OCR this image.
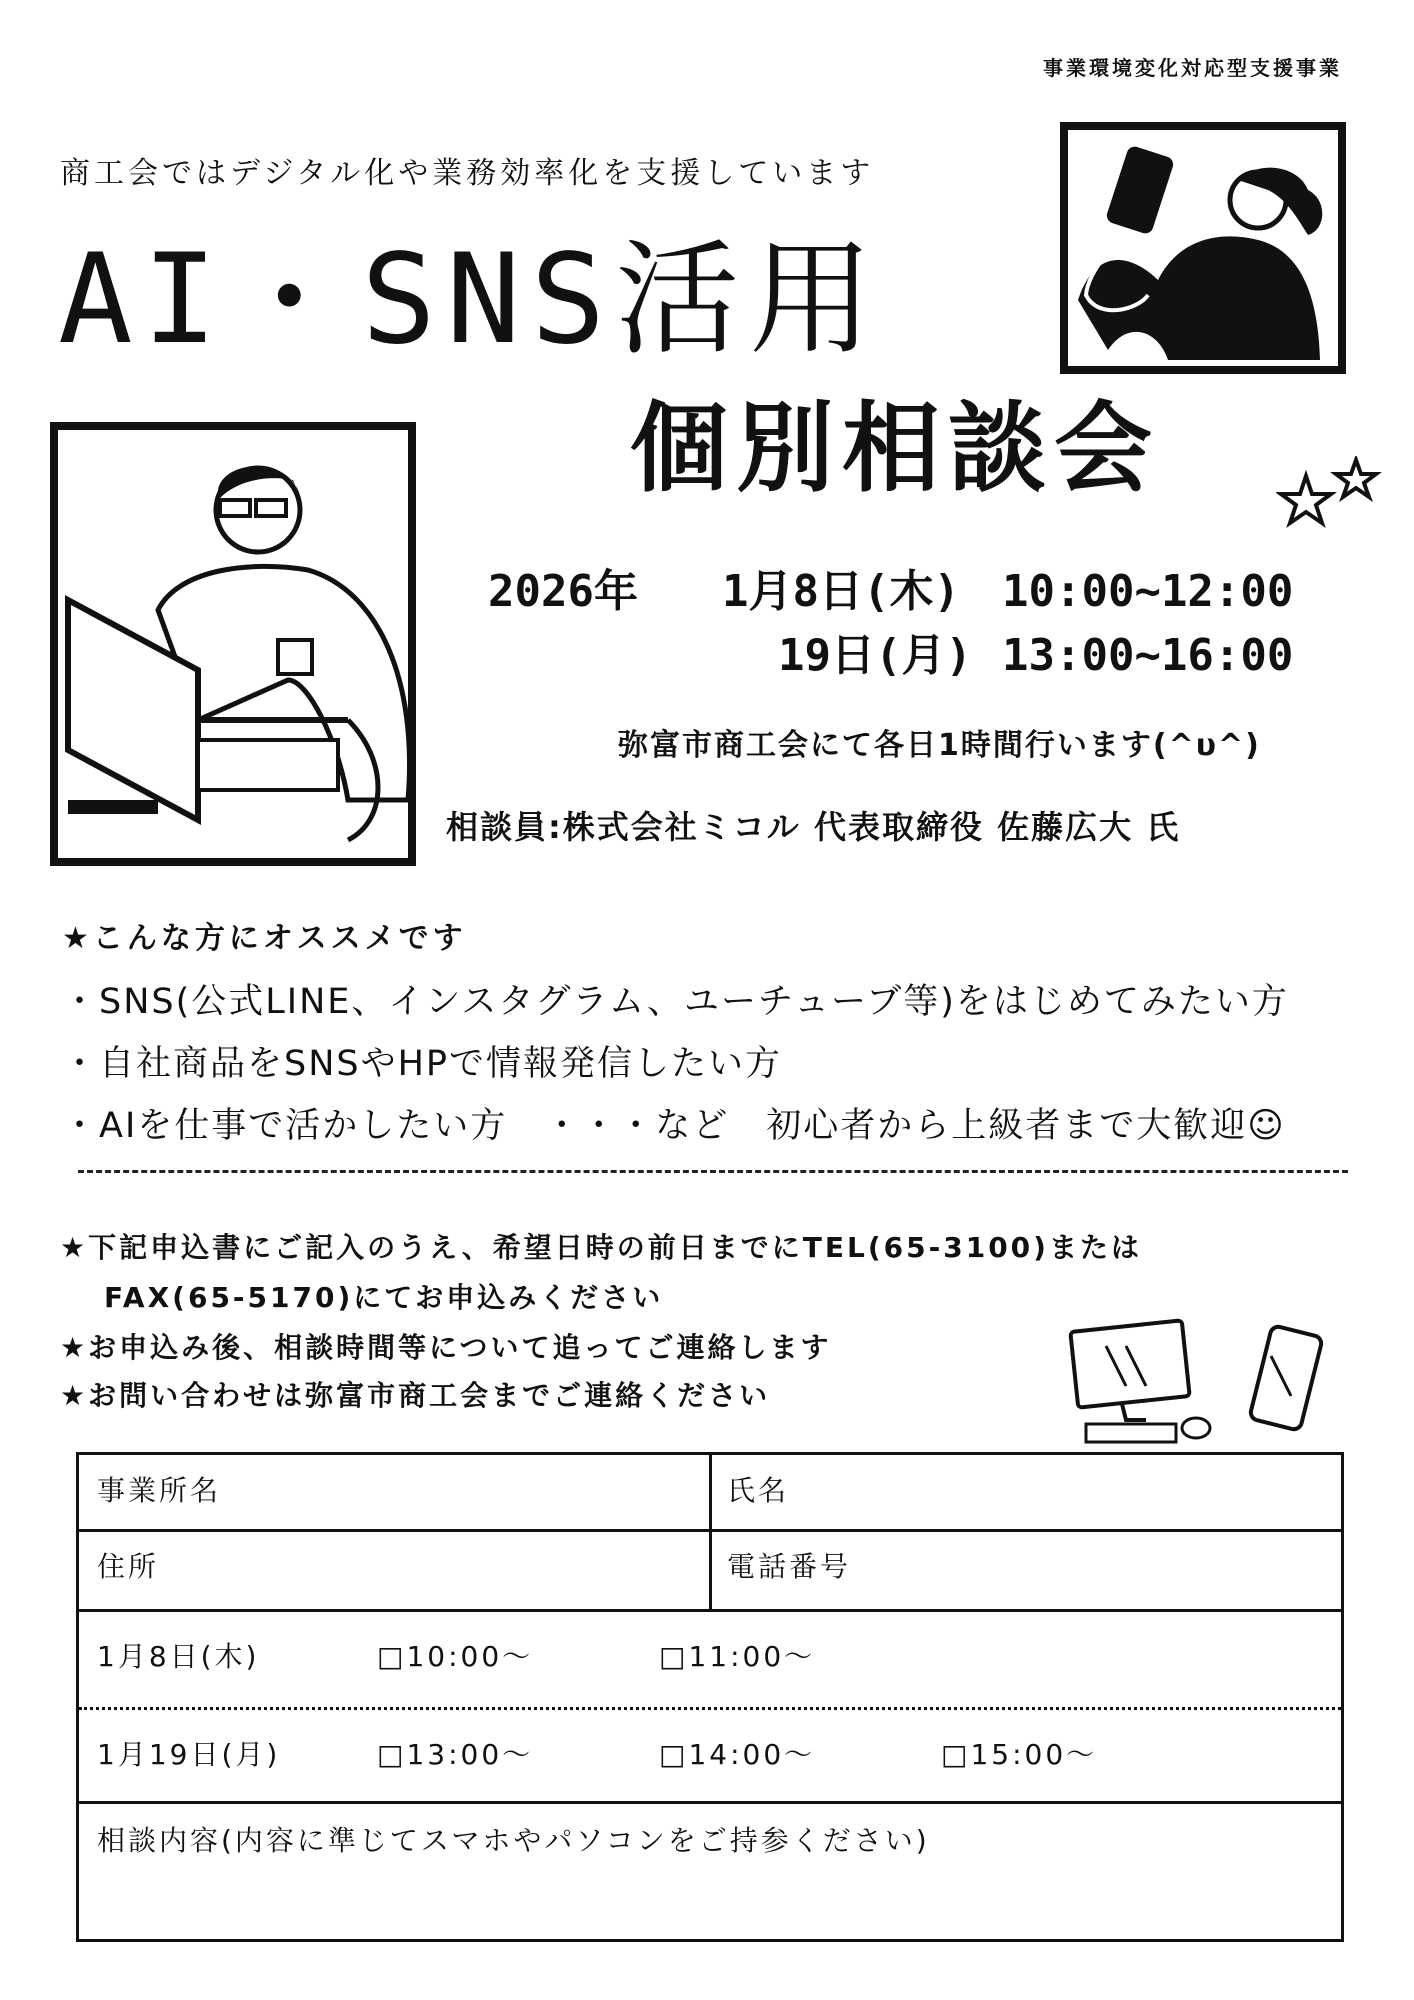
事業環境変化対応型支援事業
商工会ではデジタル化や業務効率化を支援しています
AI・SNS活用
個別相談会
2026年 1月8日(木) 10:00~12:00
19日(月) 13:00~16:00
弥富市商工会にて各日1時間行います(^υ^)
相談員:株式会社ミコル 代表取締役 佐藤広大 氏
★こんな方にオススメです
・SNS(公式LINE、インスタグラム、ユーチューブ等)をはじめてみたい方
・自社商品をSNSやHPで情報発信したい方
・AIを仕事で活かしたい方　・・・など　初心者から上級者まで大歓迎☺
★下記申込書にご記入のうえ、希望日時の前日までにTEL(65-3100)または
FAX(65-5170)にてお申込みください
★お申込み後、相談時間等について追ってご連絡します
★お問い合わせは弥富市商工会までご連絡ください
事業所名	氏名
住所	電話番号
1月8日(木)	□10:00～	□11:00～
1月19日(月)	□13:00～	□14:00～	□15:00～
相談内容(内容に準じてスマホやパソコンをご持参ください)
